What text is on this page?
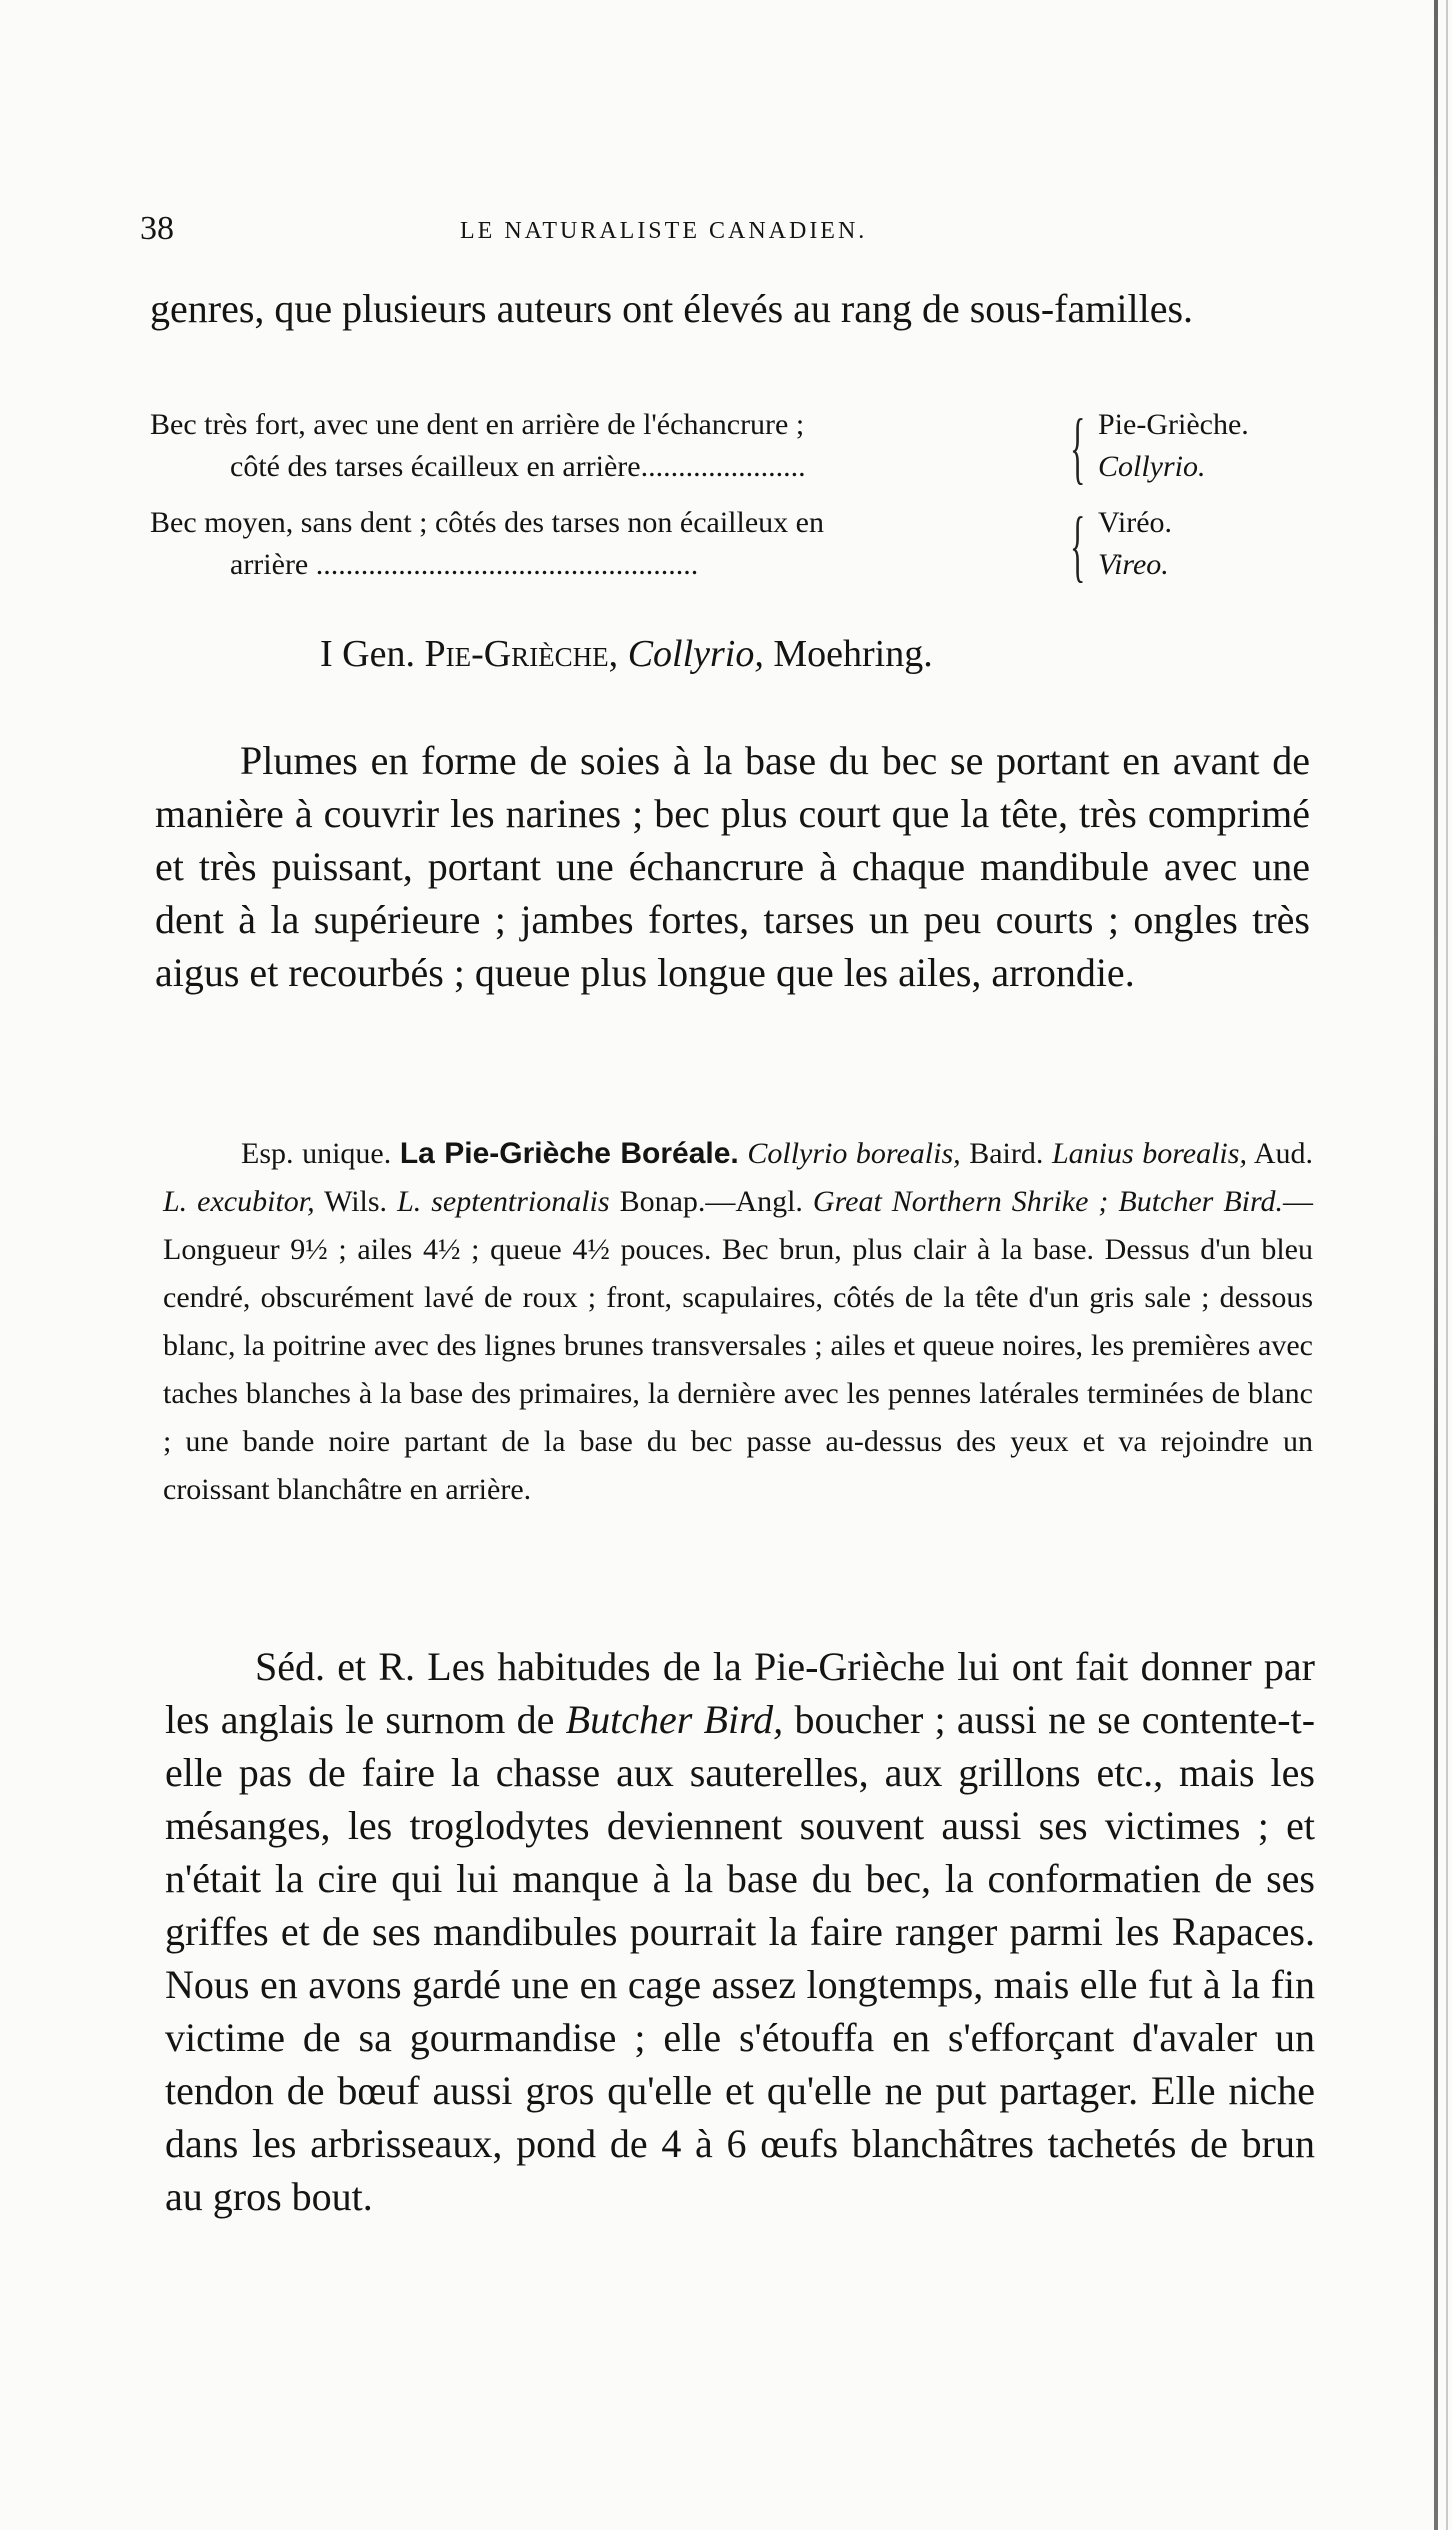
38	LE NATURALISTE CANADIEN.
genres, que plusieurs auteurs ont élevés au rang de sous-familles.
Bec très fort, avec une dent en arrière de l'échancrure ;
côté des tarses écailleux en arrière......................	{ Pie-Grièche.
Collyrio.
Bec moyen, sans dent ; côtés des tarses non écailleux en
arrière ...................................................	{ Viréo.
Vireo.
I Gen. Pie-Grièche, Collyrio, Moehring.
Plumes en forme de soies à la base du bec se portant en avant de manière à couvrir les narines ; bec plus court que la tête, très comprimé et très puissant, portant une échancrure à chaque mandibule avec une dent à la supérieure ; jambes fortes, tarses un peu courts ; ongles très aigus et recourbés ; queue plus longue que les ailes, arrondie.
Esp. unique. La Pie-Grièche Boréale. Collyrio borealis, Baird. Lanius borealis, Aud. L. excubitor, Wils. L. septentrionalis Bonap.—Angl. Great Northern Shrike ; Butcher Bird.—Longueur 9½ ; ailes 4½ ; queue 4½ pouces. Bec brun, plus clair à la base. Dessus d'un bleu cendré, obscurément lavé de roux ; front, scapulaires, côtés de la tête d'un gris sale ; dessous blanc, la poitrine avec des lignes brunes transversales ; ailes et queue noires, les premières avec taches blanches à la base des primaires, la dernière avec les pennes latérales terminées de blanc ; une bande noire partant de la base du bec passe au-dessus des yeux et va rejoindre un croissant blanchâtre en arrière.
Séd. et R. Les habitudes de la Pie-Grièche lui ont fait donner par les anglais le surnom de Butcher Bird, boucher ; aussi ne se contente-t-elle pas de faire la chasse aux sauterelles, aux grillons etc., mais les mésanges, les troglodytes deviennent souvent aussi ses victimes ; et n'était la cire qui lui manque à la base du bec, la conformatien de ses griffes et de ses mandibules pourrait la faire ranger parmi les Rapaces. Nous en avons gardé une en cage assez longtemps, mais elle fut à la fin victime de sa gourmandise ; elle s'étouffa en s'efforçant d'avaler un tendon de bœuf aussi gros qu'elle et qu'elle ne put partager. Elle niche dans les arbrisseaux, pond de 4 à 6 œufs blanchâtres tachetés de brun au gros bout.
